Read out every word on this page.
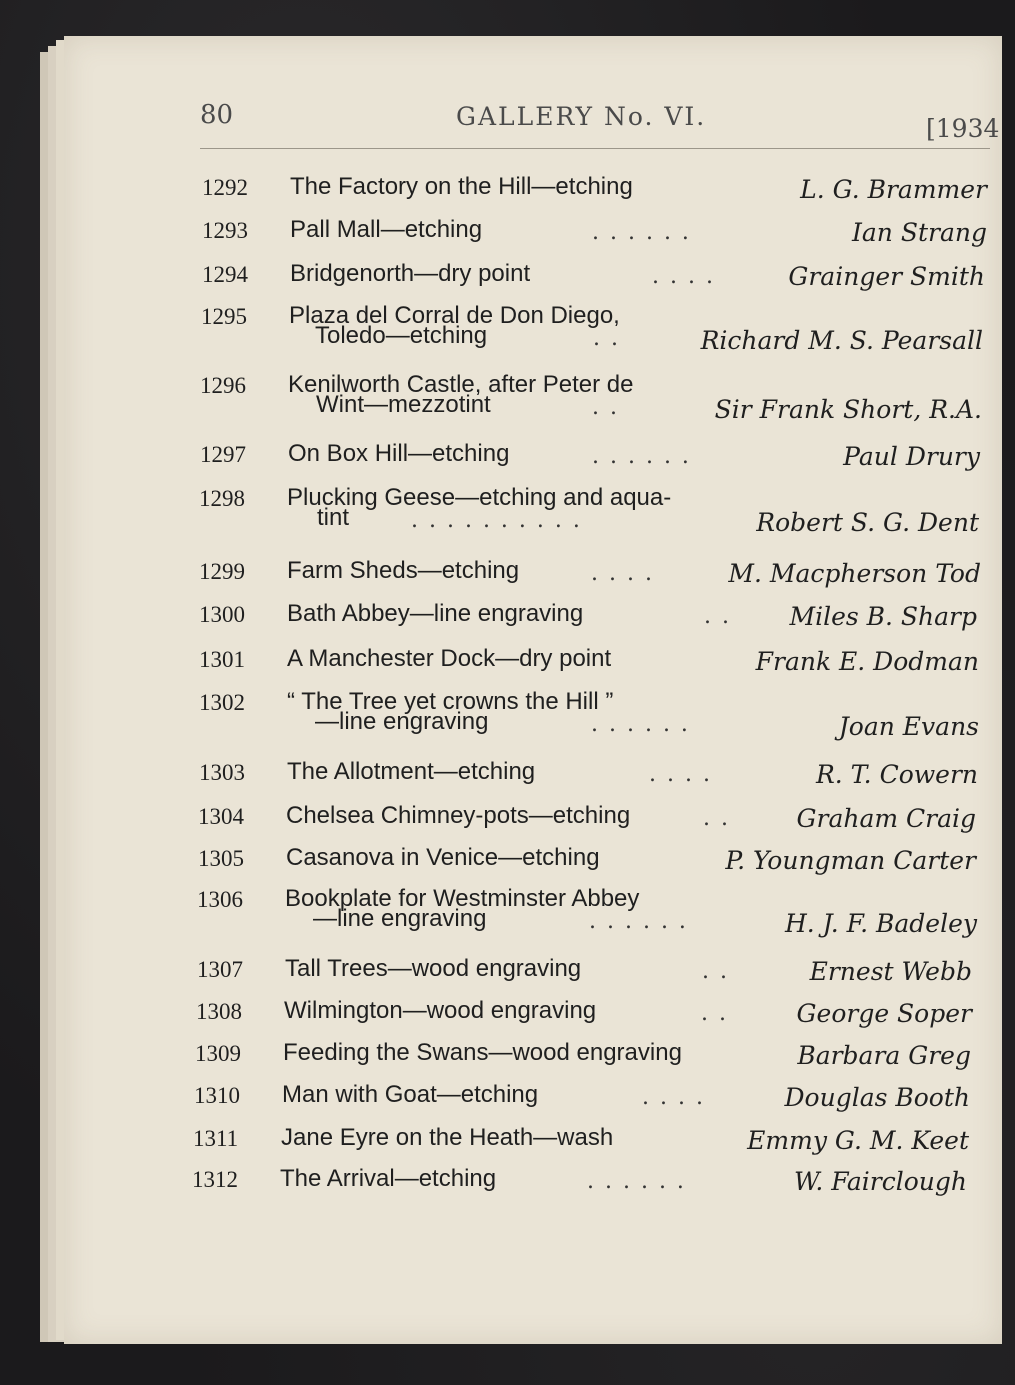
80	GALLERY No. VI.	[1934
1292 The Factory on the Hill—etching	L. G. Brammer
1293 Pall Mall—etching	. . . . . .	Ian Strang
1294 Bridgenorth—dry point	. . . .	Grainger Smith
1295 Plaza del Corral de Don Diego,
Toledo—etching	. .	Richard M. S. Pearsall
1296 Kenilworth Castle, after Peter de
Wint—mezzotint	. .	Sir Frank Short, R.A.
1297 On Box Hill—etching	. . . . . .	Paul Drury
1298 Plucking Geese—etching and aqua-
tint	. . . . . . . . . .	Robert S. G. Dent
1299 Farm Sheds—etching	. . . .	M. Macpherson Tod
1300 Bath Abbey—line engraving	. . Miles B. Sharp
1301 A Manchester Dock—dry point	Frank E. Dodman
1302 “ The Tree yet crowns the Hill ”
—line engraving	. . . . . .	Joan Evans
1303 The Allotment—etching	. . . .	R. T. Cowern
1304 Chelsea Chimney-pots—etching	. .	Graham Craig
1305 Casanova in Venice—etching	P. Youngman Carter
1306 Bookplate for Westminster Abbey
—line engraving	. . . . . .	H. J. F. Badeley
1307 Tall Trees—wood engraving	. .	Ernest Webb
1308 Wilmington—wood engraving	. .	George Soper
1309 Feeding the Swans—wood engraving	Barbara Greg
1310 Man with Goat—etching	. . . .	Douglas Booth
1311 Jane Eyre on the Heath—wash	Emmy G. M. Keet
1312 The Arrival—etching	. . . . . .	W. Fairclough
